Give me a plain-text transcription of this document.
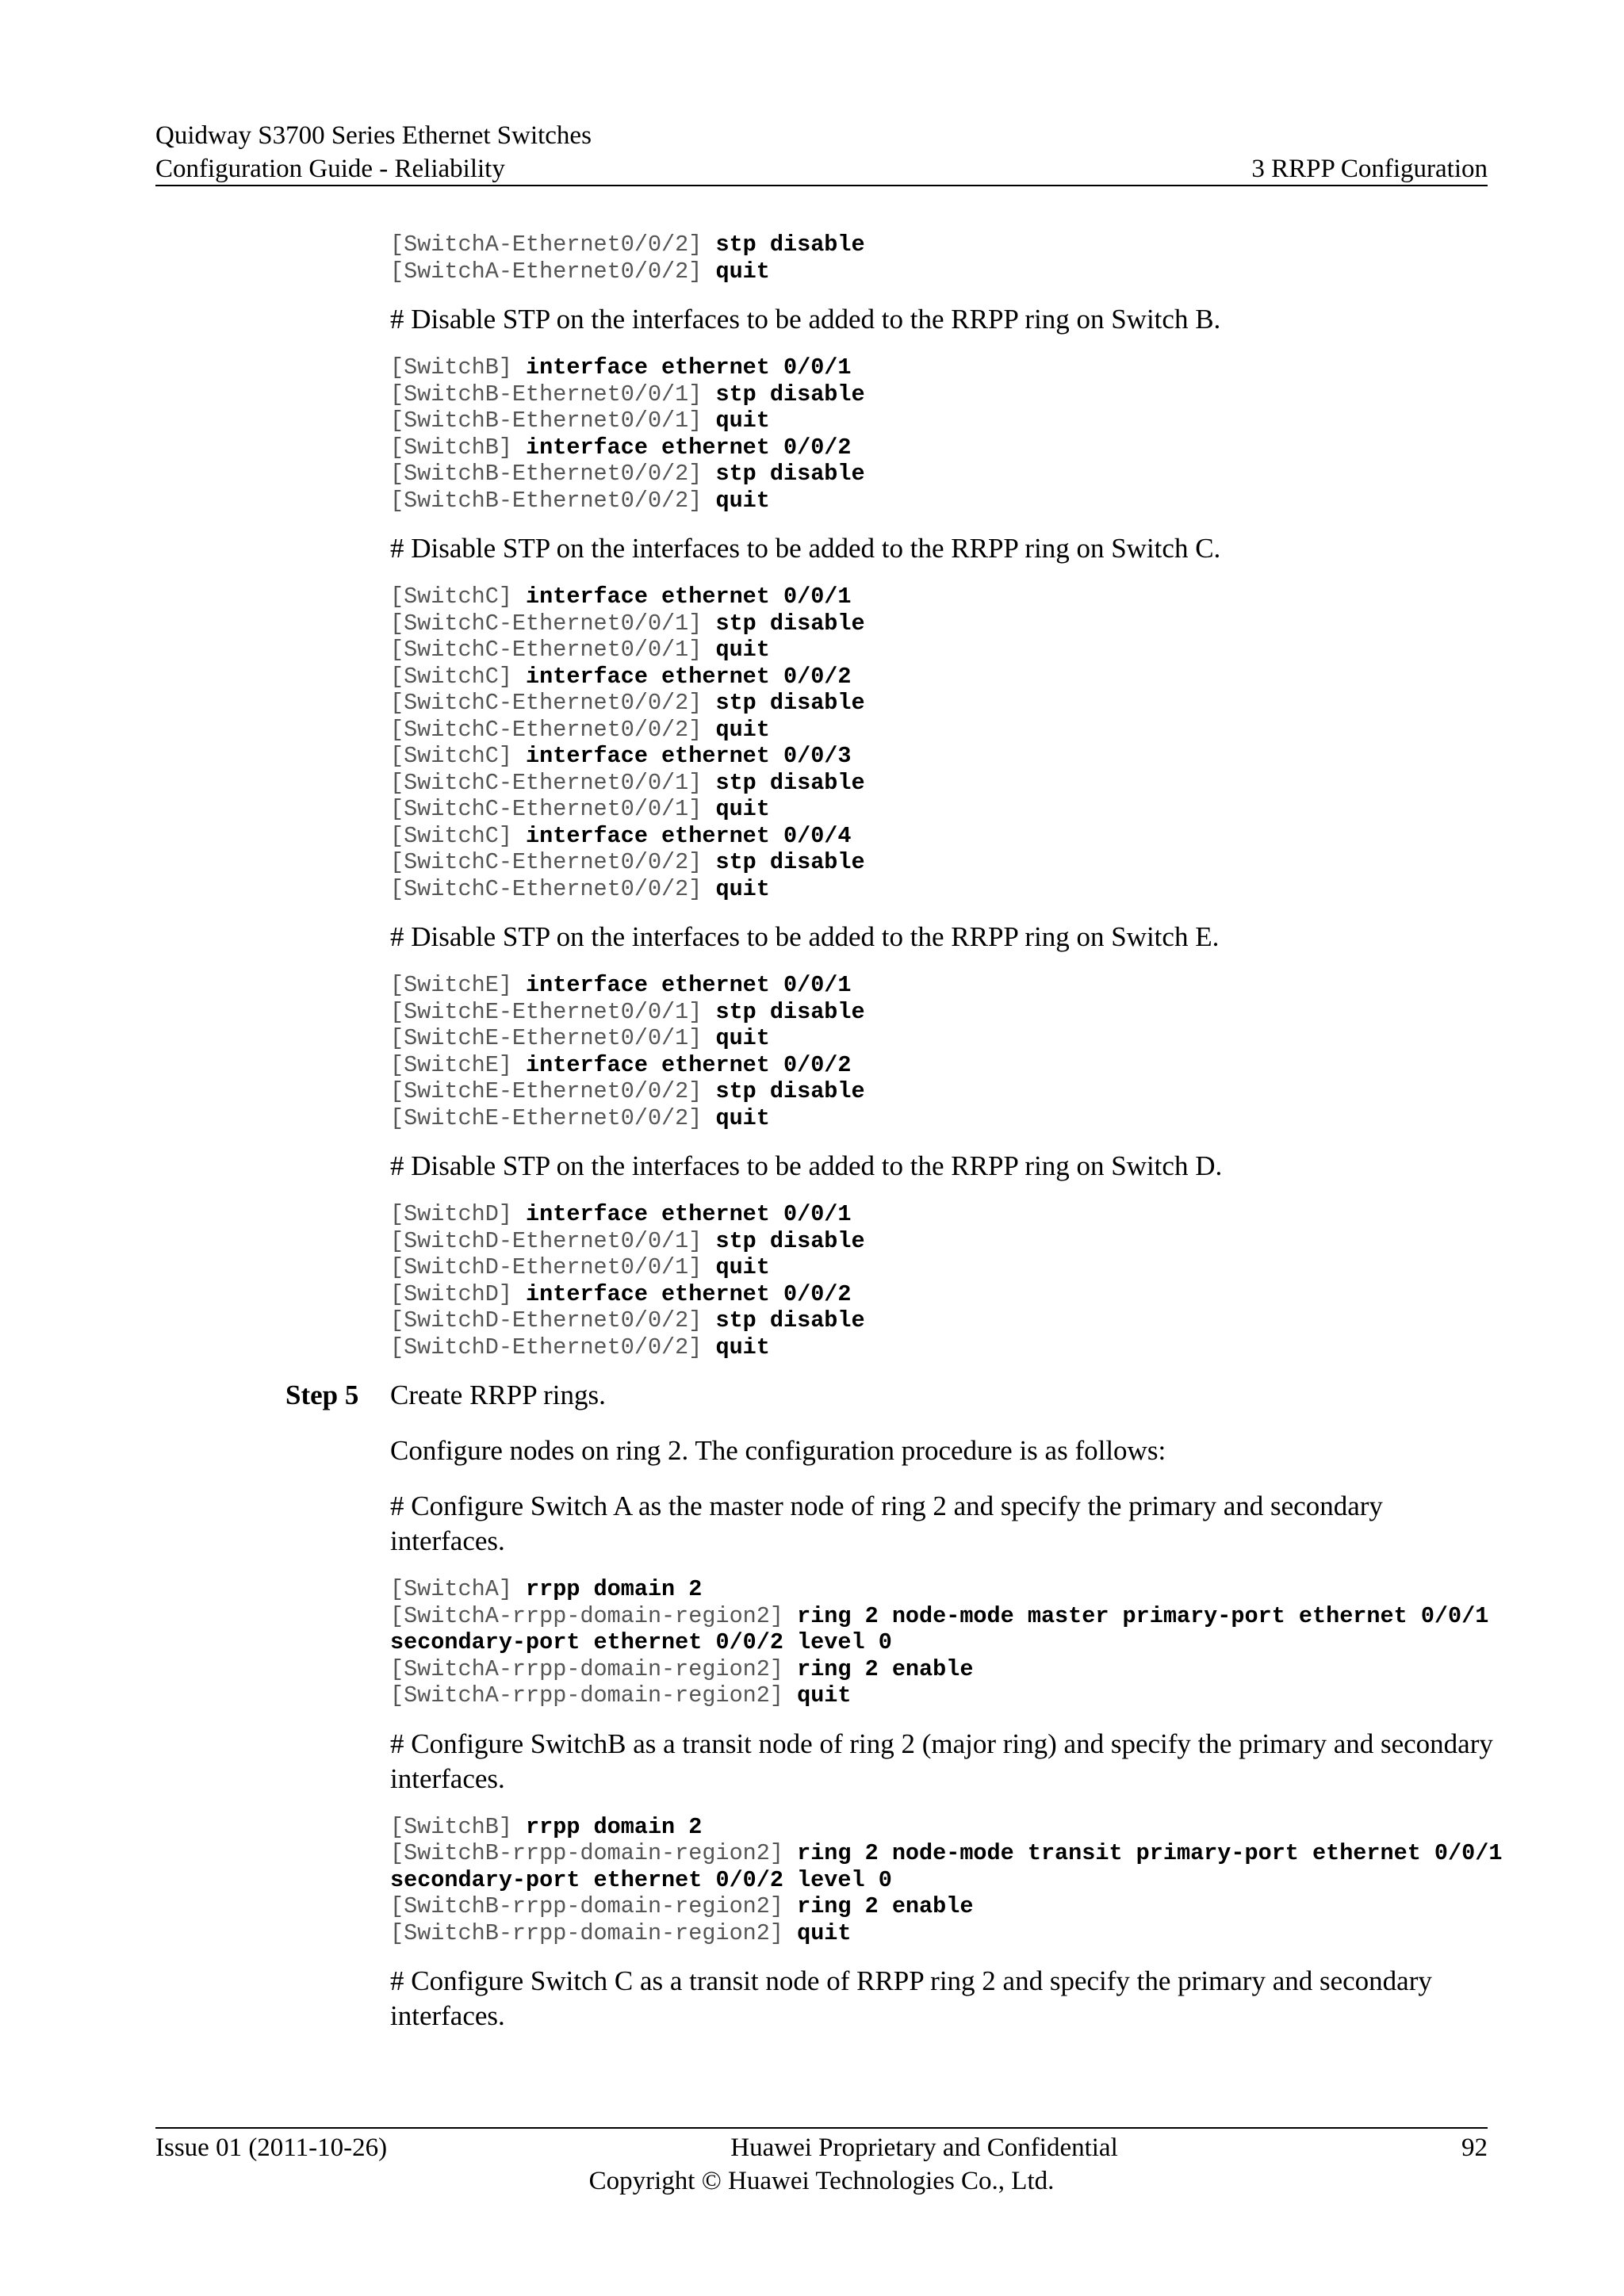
Quidway S3700 Series Ethernet Switches
Configuration Guide - Reliability	3 RRPP Configuration
[SwitchA-Ethernet0/0/2] stp disable
[SwitchA-Ethernet0/0/2] quit

# Disable STP on the interfaces to be added to the RRPP ring on Switch B.

[SwitchB] interface ethernet 0/0/1
[SwitchB-Ethernet0/0/1] stp disable
[SwitchB-Ethernet0/0/1] quit
[SwitchB] interface ethernet 0/0/2
[SwitchB-Ethernet0/0/2] stp disable
[SwitchB-Ethernet0/0/2] quit

# Disable STP on the interfaces to be added to the RRPP ring on Switch C.

[SwitchC] interface ethernet 0/0/1
[SwitchC-Ethernet0/0/1] stp disable
[SwitchC-Ethernet0/0/1] quit
[SwitchC] interface ethernet 0/0/2
[SwitchC-Ethernet0/0/2] stp disable
[SwitchC-Ethernet0/0/2] quit
[SwitchC] interface ethernet 0/0/3
[SwitchC-Ethernet0/0/1] stp disable
[SwitchC-Ethernet0/0/1] quit
[SwitchC] interface ethernet 0/0/4
[SwitchC-Ethernet0/0/2] stp disable
[SwitchC-Ethernet0/0/2] quit

# Disable STP on the interfaces to be added to the RRPP ring on Switch E.

[SwitchE] interface ethernet 0/0/1
[SwitchE-Ethernet0/0/1] stp disable
[SwitchE-Ethernet0/0/1] quit
[SwitchE] interface ethernet 0/0/2
[SwitchE-Ethernet0/0/2] stp disable
[SwitchE-Ethernet0/0/2] quit

# Disable STP on the interfaces to be added to the RRPP ring on Switch D.

[SwitchD] interface ethernet 0/0/1
[SwitchD-Ethernet0/0/1] stp disable
[SwitchD-Ethernet0/0/1] quit
[SwitchD] interface ethernet 0/0/2
[SwitchD-Ethernet0/0/2] stp disable
[SwitchD-Ethernet0/0/2] quit

Create RRPP rings.

Configure nodes on ring 2. The configuration procedure is as follows:

# Configure Switch A as the master node of ring 2 and specify the primary and secondary interfaces.

[SwitchA] rrpp domain 2
[SwitchA-rrpp-domain-region2] ring 2 node-mode master primary-port ethernet 0/0/1
secondary-port ethernet 0/0/2 level 0
[SwitchA-rrpp-domain-region2] ring 2 enable
[SwitchA-rrpp-domain-region2] quit

# Configure SwitchB as a transit node of ring 2 (major ring) and specify the primary and secondary interfaces.

[SwitchB] rrpp domain 2
[SwitchB-rrpp-domain-region2] ring 2 node-mode transit primary-port ethernet 0/0/1
secondary-port ethernet 0/0/2 level 0
[SwitchB-rrpp-domain-region2] ring 2 enable
[SwitchB-rrpp-domain-region2] quit

# Configure Switch C as a transit node of RRPP ring 2 and specify the primary and secondary interfaces.

Step 5
Issue 01 (2011-10-26)	Huawei Proprietary and Confidential	92
Copyright © Huawei Technologies Co., Ltd.
